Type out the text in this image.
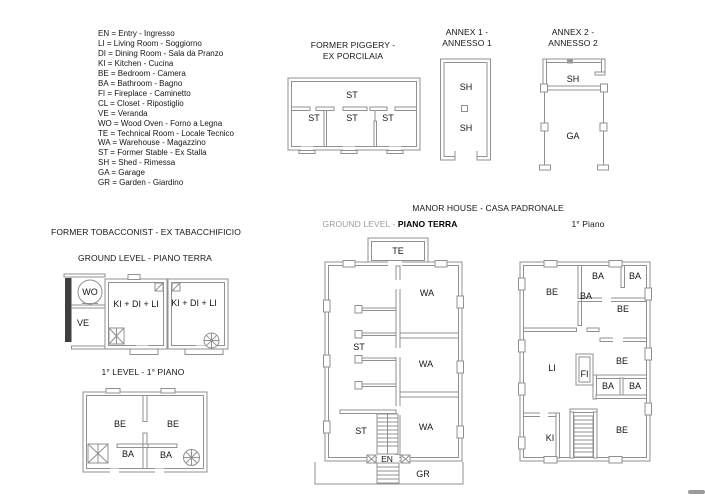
EN = Entry - Ingresso
LI = Living Room - Soggiorno
DI = Dining Room - Sala da Pranzo
KI = Kitchen - Cucina
BE = Bedroom - Camera
BA = Bathroom - Bagno
FI = Fireplace - Caminetto
CL = Closet - Ripostiglio
VE = Veranda
WO = Wood Oven - Forno a Legna
TE = Technical Room - Locale Tecnico
WA = Warehouse - Magazzino
ST = Former Stable - Ex Stalla
SH = Shed - Rimessa
GA = Garage
GR = Garden - Giardino
FORMER PIGGERY -
EX PORCILAIA
ANNEX 1 -
ANNESSO 1
ANNEX 2 -
ANNESSO 2
FORMER TOBACCONIST - EX TABACCHIFICIO
GROUND LEVEL - PIANO TERRA
1° LEVEL - 1° PIANO
MANOR HOUSE - CASA PADRONALE
GROUND LEVEL - PIANO TERRA	1° Piano
ST
ST	ST	ST
SH
SH
SH
GA
WO
VE
KI + DI + LI KI + DI + LI
BE	BE
BA	BA
TE
WA
WA
WA
ST
ST
EN
GR
BE
BA	BA
BA
BE
LI
BE
FI
BA BA
KI
BE
